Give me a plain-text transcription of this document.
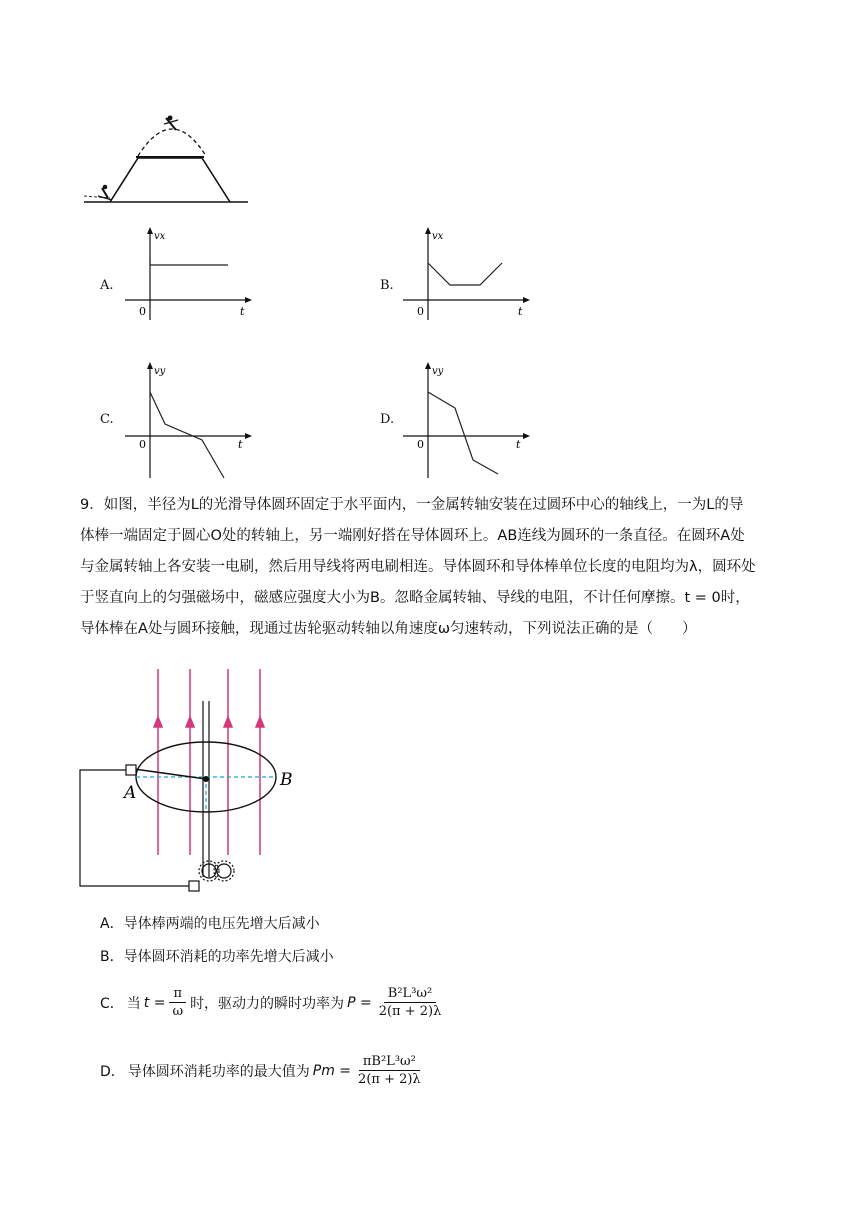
A.
vx
t
0
B.
vx
t
0
C.
vy
t
0
D.
vy
t
0
9．如图，半径为L的光滑导体圆环固定于水平面内，一金属转轴安装在过圆环中心的轴线上，一为L的导
体棒一端固定于圆心O处的转轴上，另一端刚好搭在导体圆环上。AB连线为圆环的一条直径。在圆环A处
与金属转轴上各安装一电刷，然后用导线将两电刷相连。导体圆环和导体棒单位长度的电阻均为λ，圆环处
于竖直向上的匀强磁场中，磁感应强度大小为B。忽略金属转轴、导线的电阻，不计任何摩擦。t = 0时，
导体棒在A处与圆环接触，现通过齿轮驱动转轴以角速度ω匀速转动，下列说法正确的是（　　）
A
B
A．导体棒两端的电压先增大后减小
B．导体圆环消耗的功率先增大后减小
C． 当 $t = \frac{\pi}{\omega}$ 时，驱动力的瞬时功率为 $P = \frac{\text{B²L³ω²}}{2(\pi + 2)\lambda}$
D． 导体圆环消耗功率的最大值为 $Pm = \frac{\text{πB²L³ω²}}{2(\pi + 2)\lambda}$
